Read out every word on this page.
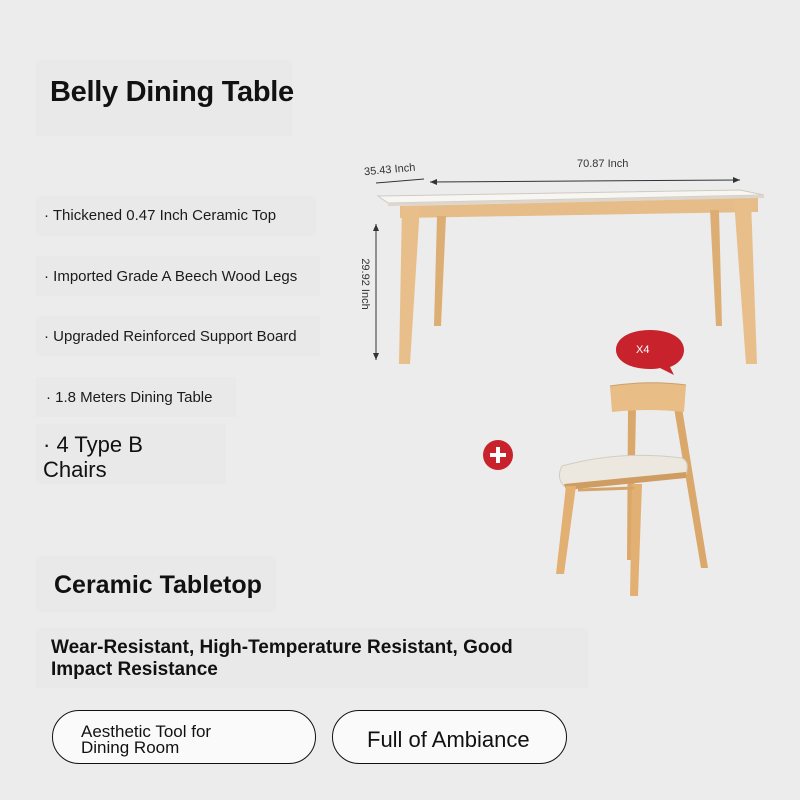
Belly Dining Table
· Thickened 0.47 Inch Ceramic Top
· Imported Grade A Beech Wood Legs
· Upgraded Reinforced Support Board
· 1.8 Meters Dining Table
· 4 Type B
Chairs
35.43 Inch	70.87 Inch
29.92 Inch
X4
Ceramic Tabletop
Wear-Resistant, High-Temperature Resistant, Good Impact Resistance
Aesthetic Tool for
Dining Room	Full of Ambiance
